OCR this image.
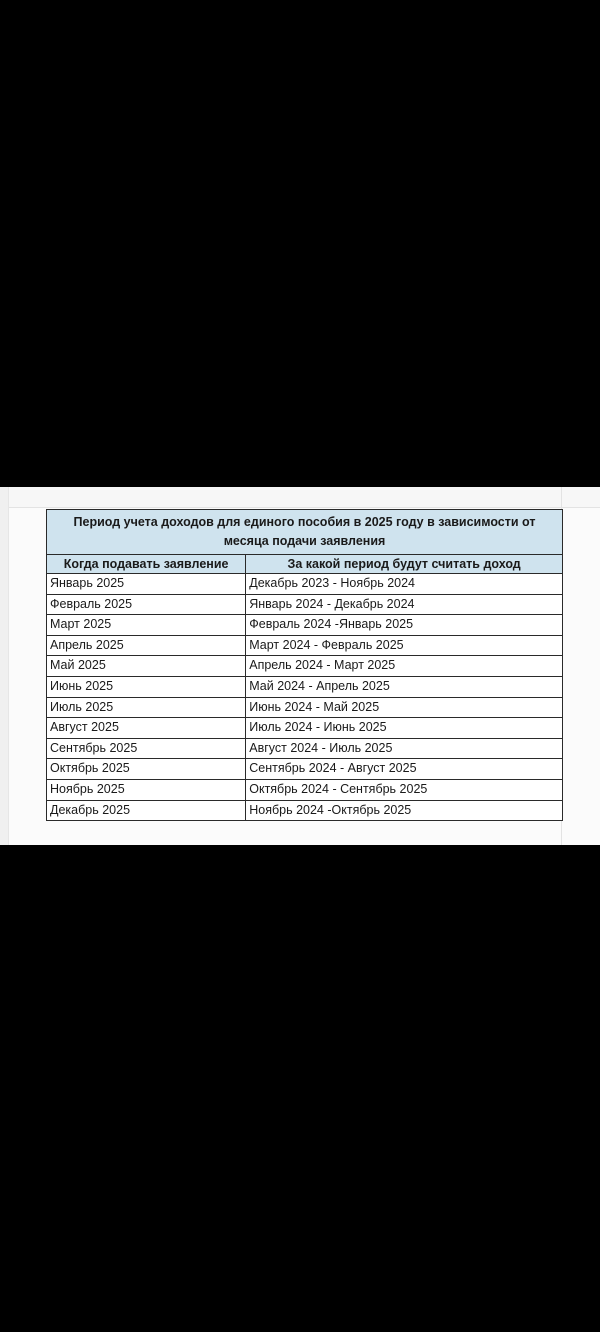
Период учета доходов для единого пособия в 2025 году в зависимости от месяца подачи заявления	
Когда подавать заявление	За какой период будут считать доход
Январь 2025	Декабрь 2023 - Ноябрь 2024
Февраль 2025	Январь 2024 - Декабрь 2024
Март 2025	Февраль 2024 -Январь 2025
Апрель 2025	Март 2024 - Февраль 2025
Май 2025	Апрель 2024 - Март 2025
Июнь 2025	Май 2024 - Апрель 2025
Июль 2025	Июнь 2024 - Май 2025
Август 2025	Июль 2024 - Июнь 2025
Сентябрь 2025	Август 2024 - Июль 2025
Октябрь 2025	Сентябрь 2024 - Август 2025
Ноябрь 2025	Октябрь 2024 - Сентябрь 2025
Декабрь 2025	Ноябрь 2024 -Октябрь 2025
